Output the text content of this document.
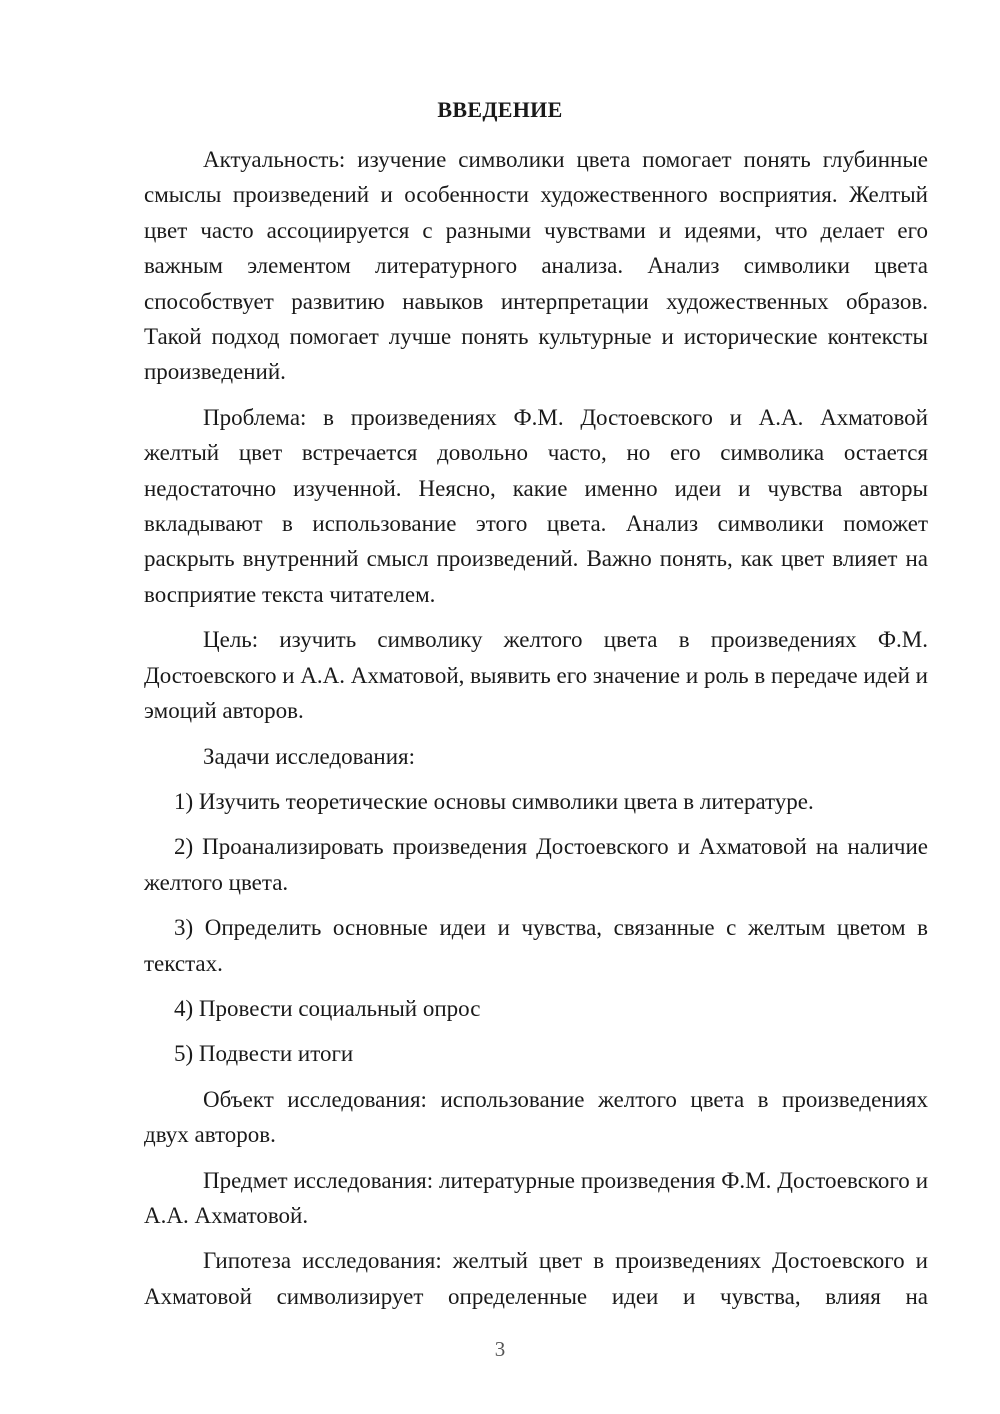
ВВЕДЕНИЕ

Актуальность: изучение символики цвета помогает понять глубинные смыслы произведений и особенности художественного восприятия. Желтый цвет часто ассоциируется с разными чувствами и идеями, что делает его важным элементом литературного анализа. Анализ символики цвета способствует развитию навыков интерпретации художественных образов. Такой подход помогает лучше понять культурные и исторические контексты произведений.

Проблема: в произведениях Ф.М. Достоевского и А.А. Ахматовой желтый цвет встречается довольно часто, но его символика остается недостаточно изученной. Неясно, какие именно идеи и чувства авторы вкладывают в использование этого цвета. Анализ символики поможет раскрыть внутренний смысл произведений. Важно понять, как цвет влияет на восприятие текста читателем.

Цель: изучить символику желтого цвета в произведениях Ф.М. Достоевского и А.А. Ахматовой, выявить его значение и роль в передаче идей и эмоций авторов.

Задачи исследования:

1) Изучить теоретические основы символики цвета в литературе.

2) Проанализировать произведения Достоевского и Ахматовой на наличие желтого цвета.

3) Определить основные идеи и чувства, связанные с желтым цветом в текстах.

4) Провести социальный опрос

5) Подвести итоги

Объект исследования: использование желтого цвета в произведениях двух авторов.

Предмет исследования: литературные произведения Ф.М. Достоевского и А.А. Ахматовой.

Гипотеза исследования: желтый цвет в произведениях Достоевского и Ахматовой символизирует определенные идеи и чувства, влияя на

3
